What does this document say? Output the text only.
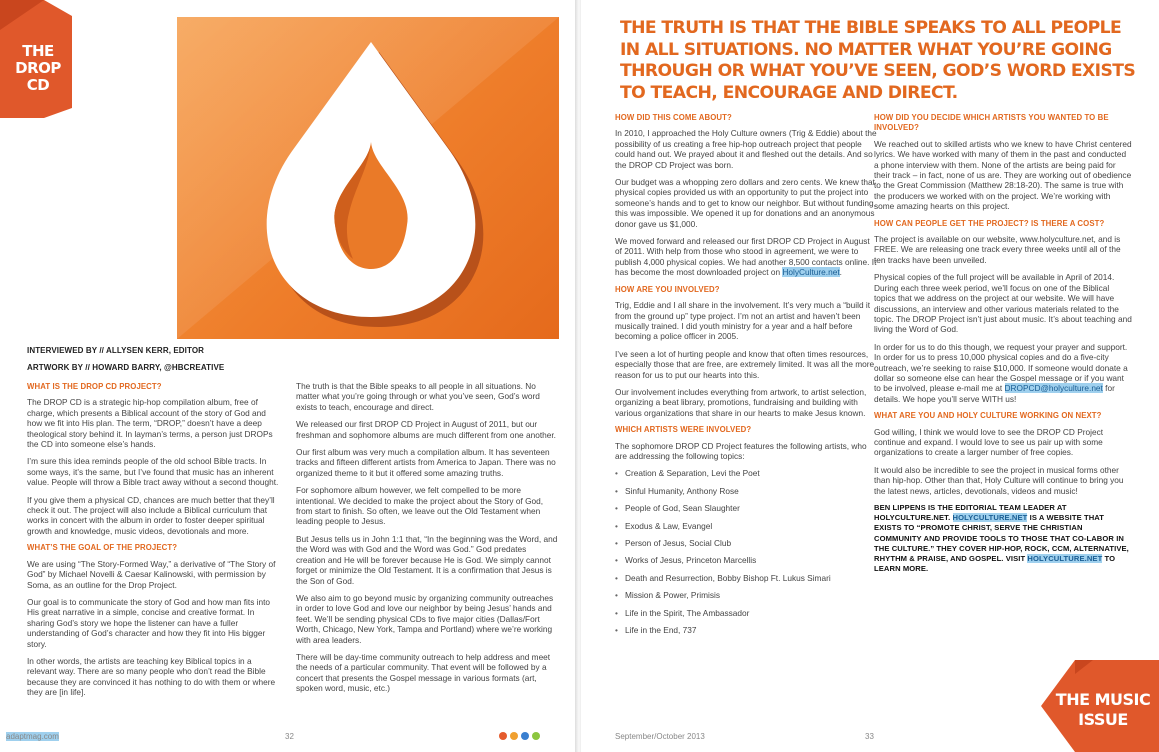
THE DROP CD
INTERVIEWED BY // ALLYSEN KERR, EDITOR
ARTWORK BY // HOWARD BARRY, @HBCREATIVE
WHAT IS THE DROP CD PROJECT?

The DROP CD is a strategic hip-hop compilation album, free of charge, which presents a Biblical account of the story of God and how we fit into His plan. The term, “DROP,” doesn’t have a deep theological story behind it. In layman’s terms, a person just DROPs the CD into someone else’s hands.

I’m sure this idea reminds people of the old school Bible tracts. In some ways, it’s the same, but I’ve found that music has an inherent value. People will throw a Bible tract away without a second thought.

If you give them a physical CD, chances are much better that they’ll check it out. The project will also include a Biblical curriculum that works in concert with the album in order to foster deeper spiritual growth and knowledge, music videos, devotionals and more.

WHAT’S THE GOAL OF THE PROJECT?

We are using “The Story-Formed Way,” a derivative of “The Story of God” by Michael Novelli & Caesar Kalinowski, with permission by Soma, as an outline for the Drop Project.

Our goal is to communicate the story of God and how man fits into His great narrative in a simple, concise and creative format. In sharing God’s story we hope the listener can have a fuller understanding of God’s character and how they fit into His bigger story.

In other words, the artists are teaching key Biblical topics in a relevant way. There are so many people who don’t read the Bible because they are convinced it has nothing to do with them or where they are [in life].

The truth is that the Bible speaks to all people in all situations. No matter what you’re going through or what you’ve seen, God’s word exists to teach, encourage and direct.

We released our first DROP CD Project in August of 2011, but our freshman and sophomore albums are much different from one another.

Our first album was very much a compilation album. It has seventeen tracks and fifteen different artists from America to Japan. There was no organized theme to it but it offered some amazing truths.

For sophomore album however, we felt compelled to be more intentional. We decided to make the project about the Story of God, from start to finish. So often, we leave out the Old Testament when leading people to Jesus.

But Jesus tells us in John 1:1 that, “In the beginning was the Word, and the Word was with God and the Word was God.” God predates creation and He will be forever because He is God. We simply cannot forget or minimize the Old Testament. It is a confirmation that Jesus is the Son of God.

We also aim to go beyond music by organizing community outreaches in order to love God and love our neighbor by being Jesus’ hands and feet. We’ll be sending physical CDs to five major cities (Dallas/Fort Worth, Chicago, New York, Tampa and Portland) where we’re working with area leaders.

There will be day-time community outreach to help address and meet the needs of a particular community. That event will be followed by a concert that presents the Gospel message in various formats (art, spoken word, music, etc.)

adaptmag.com	32
THE TRUTH IS THAT THE BIBLE SPEAKS TO ALL PEOPLE IN ALL SITUATIONS. NO MATTER WHAT YOU’RE GOING THROUGH OR WHAT YOU’VE SEEN, GOD’S WORD EXISTS TO TEACH, ENCOURAGE AND DIRECT.
HOW DID THIS COME ABOUT?

In 2010, I approached the Holy Culture owners (Trig & Eddie) about the possibility of us creating a free hip-hop outreach project that people could hand out. We prayed about it and fleshed out the details. And so the DROP CD Project was born.

Our budget was a whopping zero dollars and zero cents. We knew that physical copies provided us with an opportunity to put the project into someone’s hands and to get to know our neighbor. But without funding, this was impossible. We opened it up for donations and an anonymous donor gave us $1,000.

We moved forward and released our first DROP CD Project in August of 2011. With help from those who stood in agreement, we were to publish 4,000 physical copies. We had another 8,500 contacts online. It has become the most downloaded project on HolyCulture.net.

HOW ARE YOU INVOLVED?

Trig, Eddie and I all share in the involvement. It’s very much a “build it from the ground up” type project. I’m not an artist and haven’t been musically trained. I did youth ministry for a year and a half before becoming a police officer in 2005.

I’ve seen a lot of hurting people and know that often times resources, especially those that are free, are extremely limited. It was all the more reason for us to put our hearts into this.

Our involvement includes everything from artwork, to artist selection, organizing a beat library, promotions, fundraising and building with various organizations that share in our hearts to make Jesus known.

WHICH ARTISTS WERE INVOLVED?

The sophomore DROP CD Project features the following artists, who are addressing the following topics:

• Creation & Separation, Levi the Poet
• Sinful Humanity, Anthony Rose
• People of God, Sean Slaughter
• Exodus & Law, Evangel
• Person of Jesus, Social Club
• Works of Jesus, Princeton Marcellis
• Death and Resurrection, Bobby Bishop Ft. Lukus Simari
• Mission & Power, Primisis
• Life in the Spirit, The Ambassador
• Life in the End, 737
HOW DID YOU DECIDE WHICH ARTISTS YOU WANTED TO BE INVOLVED?

We reached out to skilled artists who we knew to have Christ centered lyrics. We have worked with many of them in the past and conducted a phone interview with them. None of the artists are being paid for their track – in fact, none of us are. They are working out of obedience to the Great Commission (Matthew 28:18-20). The same is true with the producers we worked with on the project. We’re working with some amazing hearts on this project.

HOW CAN PEOPLE GET THE PROJECT? IS THERE A COST?

The project is available on our website, www.holyculture.net, and is FREE. We are releasing one track every three weeks until all of the ten tracks have been unveiled.

Physical copies of the full project will be available in April of 2014. During each three week period, we’ll focus on one of the Biblical topics that we address on the project at our website. We will have discussions, an interview and other various materials related to the topic. The DROP Project isn’t just about music. It’s about teaching and living the Word of God.

In order for us to do this though, we request your prayer and support. In order for us to press 10,000 physical copies and do a five-city outreach, we’re seeking to raise $10,000. If someone would donate a dollar so someone else can hear the Gospel message or if you want to be involved, please e-mail me at DROPCD@holyculture.net for details. We hope you’ll serve WITH us!

WHAT ARE YOU AND HOLY CULTURE WORKING ON NEXT?

God willing, I think we would love to see the DROP CD Project continue and expand. I would love to see us pair up with some organizations to create a larger number of free copies.

It would also be incredible to see the project in musical forms other than hip-hop. Other than that, Holy Culture will continue to bring you the latest news, articles, devotionals, videos and music!

BEN LIPPENS IS THE EDITORIAL TEAM LEADER AT HOLYCULTURE.NET. HOLYCULTURE.NET IS A WEBSITE THAT EXISTS TO “PROMOTE CHRIST, SERVE THE CHRISTIAN COMMUNITY AND PROVIDE TOOLS TO THOSE THAT CO-LABOR IN THE CULTURE.” THEY COVER HIP-HOP, ROCK, CCM, ALTERNATIVE, RHYTHM & PRAISE, AND GOSPEL. VISIT HOLYCULTURE.NET TO LEARN MORE.

September/October 2013	33
THE MUSIC ISSUE
